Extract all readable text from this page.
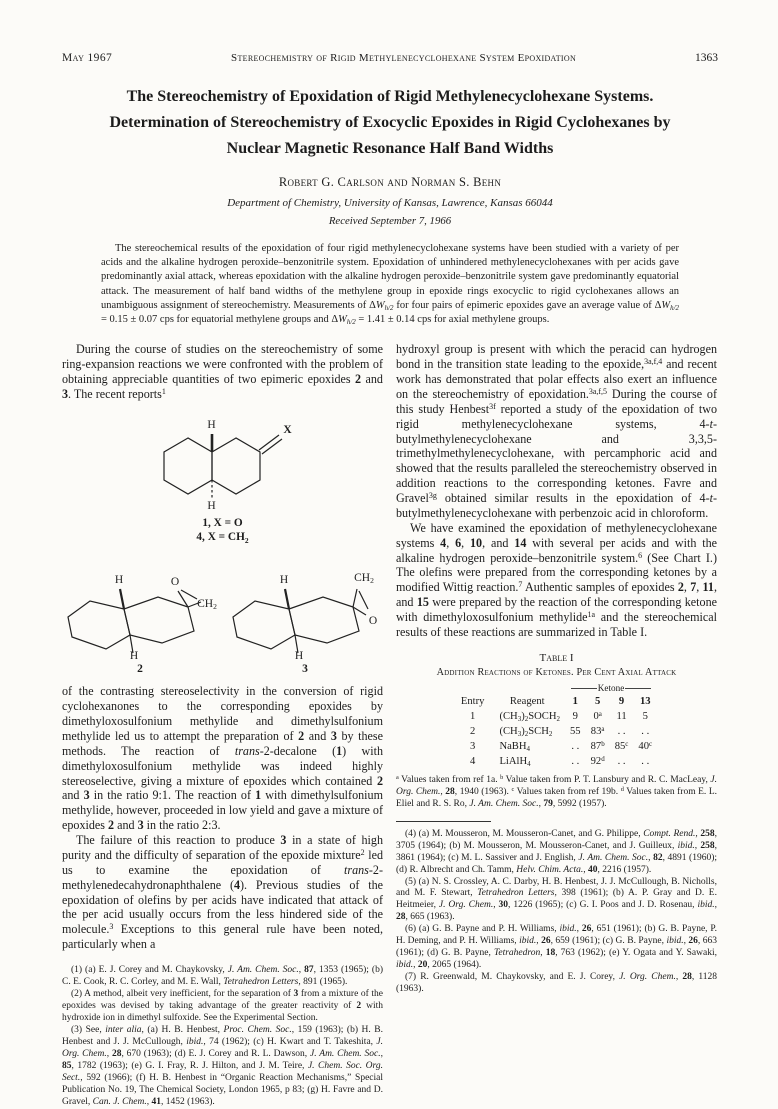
May 1967	Stereochemistry of Rigid Methylenecyclohexane System Epoxidation	1363
The Stereochemistry of Epoxidation of Rigid Methylenecyclohexane Systems.
Determination of Stereochemistry of Exocyclic Epoxides in Rigid Cyclohexanes by
Nuclear Magnetic Resonance Half Band Widths
Robert G. Carlson and Norman S. Behn
Department of Chemistry, University of Kansas, Lawrence, Kansas 66044
Received September 7, 1966
The stereochemical results of the epoxidation of four rigid methylenecyclohexane systems have been studied with a variety of per acids and the alkaline hydrogen peroxide–benzonitrile system. Epoxidation of unhindered methylenecyclohexanes with per acids gave predominantly axial attack, whereas epoxidation with the alkaline hydrogen peroxide–benzonitrile system gave predominantly equatorial attack. The measurement of half band widths of the methylene group in epoxide rings exocyclic to rigid cyclohexanes allows an unambiguous assignment of stereochemistry. Measurements of $\Delta W_{h/2}$ for four pairs of epimeric epoxides gave an average value of $\Delta W_{h/2} = 0.15 \pm 0.07$ cps for equatorial methylene groups and $\Delta W_{h/2} = 1.41 \pm 0.14$ cps for axial methylene groups.

During the course of studies on the stereochemistry of some ring-expansion reactions we were confronted with the problem of obtaining appreciable quantities of two epimeric epoxides 2 and 3. The recent reports$^1$

H
H
X
1, X = O
4, $X = CH_2$
H
H
O
$CH_2$
2
H
H
$CH_2$
O
3

of the contrasting stereoselectivity in the conversion of rigid cyclohexanones to the corresponding epoxides by dimethyloxosulfonium methylide and dimethylsulfonium methylide led us to attempt the preparation of 2 and 3 by these methods. The reaction of trans-2-decalone (1) with dimethyloxosulfonium methylide was indeed highly stereoselective, giving a mixture of epoxides which contained 2 and 3 in the ratio 9:1. The reaction of 1 with dimethylsulfonium methylide, however, proceeded in low yield and gave a mixture of epoxides 2 and 3 in the ratio 2:3.

The failure of this reaction to produce 3 in a state of high purity and the difficulty of separation of the epoxide mixture$^2$ led us to examine the epoxidation of trans-2-methylenedecahydronaphthalene (4). Previous studies of the epoxidation of olefins by per acids have indicated that attack of the per acid usually occurs from the less hindered side of the molecule.$^3$ Exceptions to this general rule have been noted, particularly when a

(1) (a) E. J. Corey and M. Chaykovsky, J. Am. Chem. Soc., 87, 1353 (1965); (b) C. E. Cook, R. C. Corley, and M. E. Wall, Tetrahedron Letters, 891 (1965).

(2) A method, albeit very inefficient, for the separation of 3 from a mixture of the epoxides was devised by taking advantage of the greater reactivity of 2 with hydroxide ion in dimethyl sulfoxide. See the Experimental Section.

(3) See, inter alia, (a) H. B. Henbest, Proc. Chem. Soc., 159 (1963); (b) H. B. Henbest and J. J. McCullough, ibid., 74 (1962); (c) H. Kwart and T. Takeshita, J. Org. Chem., 28, 670 (1963); (d) E. J. Corey and R. L. Dawson, J. Am. Chem. Soc., 85, 1782 (1963); (e) G. I. Fray, R. J. Hilton, and J. M. Teire, J. Chem. Soc. Org. Sect., 592 (1966); (f) H. B. Henbest in “Organic Reaction Mechanisms,” Special Publication No. 19, The Chemical Society, London 1965, p 83; (g) H. Favre and D. Gravel, Can. J. Chem., 41, 1452 (1963).

hydroxyl group is present with which the peracid can hydrogen bond in the transition state leading to the epoxide,$^{3a,f,4}$ and recent work has demonstrated that polar effects also exert an influence on the stereochemistry of epoxidation.$^{3a,f,5}$ During the course of this study Henbest$^{3f}$ reported a study of the epoxidation of two rigid methylenecyclohexane systems, 4-t-butylmethylenecyclohexane and 3,3,5-trimethylmethylenecyclohexane, with percamphoric acid and showed that the results paralleled the stereochemistry observed in addition reactions to the corresponding ketones. Favre and Gravel$^{3g}$ obtained similar results in the epoxidation of 4-t-butylmethylenecyclohexane with perbenzoic acid in chloroform.

We have examined the epoxidation of methylenecyclohexane systems 4, 6, 10, and 14 with several per acids and with the alkaline hydrogen peroxide–benzonitrile system.$^6$ (See Chart I.) The olefins were prepared from the corresponding ketones by a modified Wittig reaction.$^7$ Authentic samples of epoxides 2, 7, 11, and 15 were prepared by the reaction of the corresponding ketone with dimethyloxosulfonium methylide$^{1a}$ and the stereochemical results of these reactions are summarized in Table I.

Table I
Addition Reactions of Ketones. Per Cent Axial Attack

Ketone			

Entry	Reagent	1	5	9	13
1	$(CH_3)_2SOCH_2$	9	0$^a$	11	5
2	$(CH_3)_2SCH_2$	55	83$^a$	. .	. .
3	NaBH$_4$	. .	87$^b$	85$^c$	40$^c$
4	LiAlH$_4$	. .	92$^d$	. .	. .
$^a$ Values taken from ref 1a. $^b$ Value taken from P. T. Lansbury and R. C. MacLeay, J. Org. Chem., 28, 1940 (1963). $^c$ Values taken from ref 19b. $^d$ Values taken from E. L. Eliel and R. S. Ro, J. Am. Chem. Soc., 79, 5992 (1957).

(4) (a) M. Mousseron, M. Mousseron-Canet, and G. Philippe, Compt. Rend., 258, 3705 (1964); (b) M. Mousseron, M. Mousseron-Canet, and J. Guilleux, ibid., 258, 3861 (1964); (c) M. L. Sassiver and J. English, J. Am. Chem. Soc., 82, 4891 (1960); (d) R. Albrecht and Ch. Tamm, Helv. Chim. Acta., 40, 2216 (1957).

(5) (a) N. S. Crossley, A. C. Darby, H. B. Henbest, J. J. McCullough, B. Nicholls, and M. F. Stewart, Tetrahedron Letters, 398 (1961); (b) A. P. Gray and D. E. Heitmeier, J. Org. Chem., 30, 1226 (1965); (c) G. I. Poos and J. D. Rosenau, ibid., 28, 665 (1963).

(6) (a) G. B. Payne and P. H. Williams, ibid., 26, 651 (1961); (b) G. B. Payne, P. H. Deming, and P. H. Williams, ibid., 26, 659 (1961); (c) G. B. Payne, ibid., 26, 663 (1961); (d) G. B. Payne, Tetrahedron, 18, 763 (1962); (e) Y. Ogata and Y. Sawaki, ibid., 20, 2065 (1964).

(7) R. Greenwald, M. Chaykovsky, and E. J. Corey, J. Org. Chem., 28, 1128 (1963).
